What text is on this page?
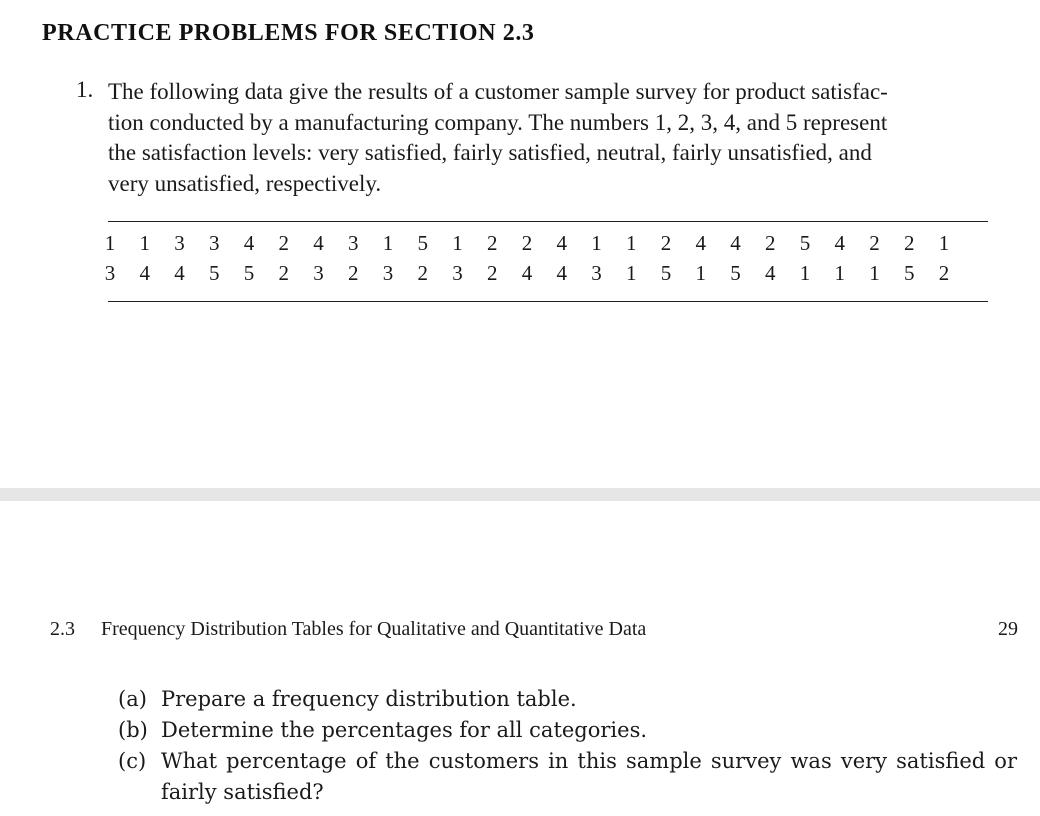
PRACTICE PROBLEMS FOR SECTION 2.3
1. The following data give the results of a customer sample survey for product satisfac-
tion conducted by a manufacturing company. The numbers 1, 2, 3, 4, and 5 represent
the satisfaction levels: very satisfied, fairly satisfied, neutral, fairly unsatisfied, and
very unsatisfied, respectively.
1	1	3	3	4	2	4	3	1	5	1	2	2	4	1	1	2	4	4	2	5	4	2	2	1
3	4	4	5	5	2	3	2	3	2	3	2	4	4	3	1	5	1	5	4	1	1	1	5	2
2.3 Frequency Distribution Tables for Qualitative and Quantitative Data	29
(a) Prepare a frequency distribution table.
(b) Determine the percentages for all categories.
(c) What percentage of the customers in this sample survey was very satisfied or fairly satisfied?
